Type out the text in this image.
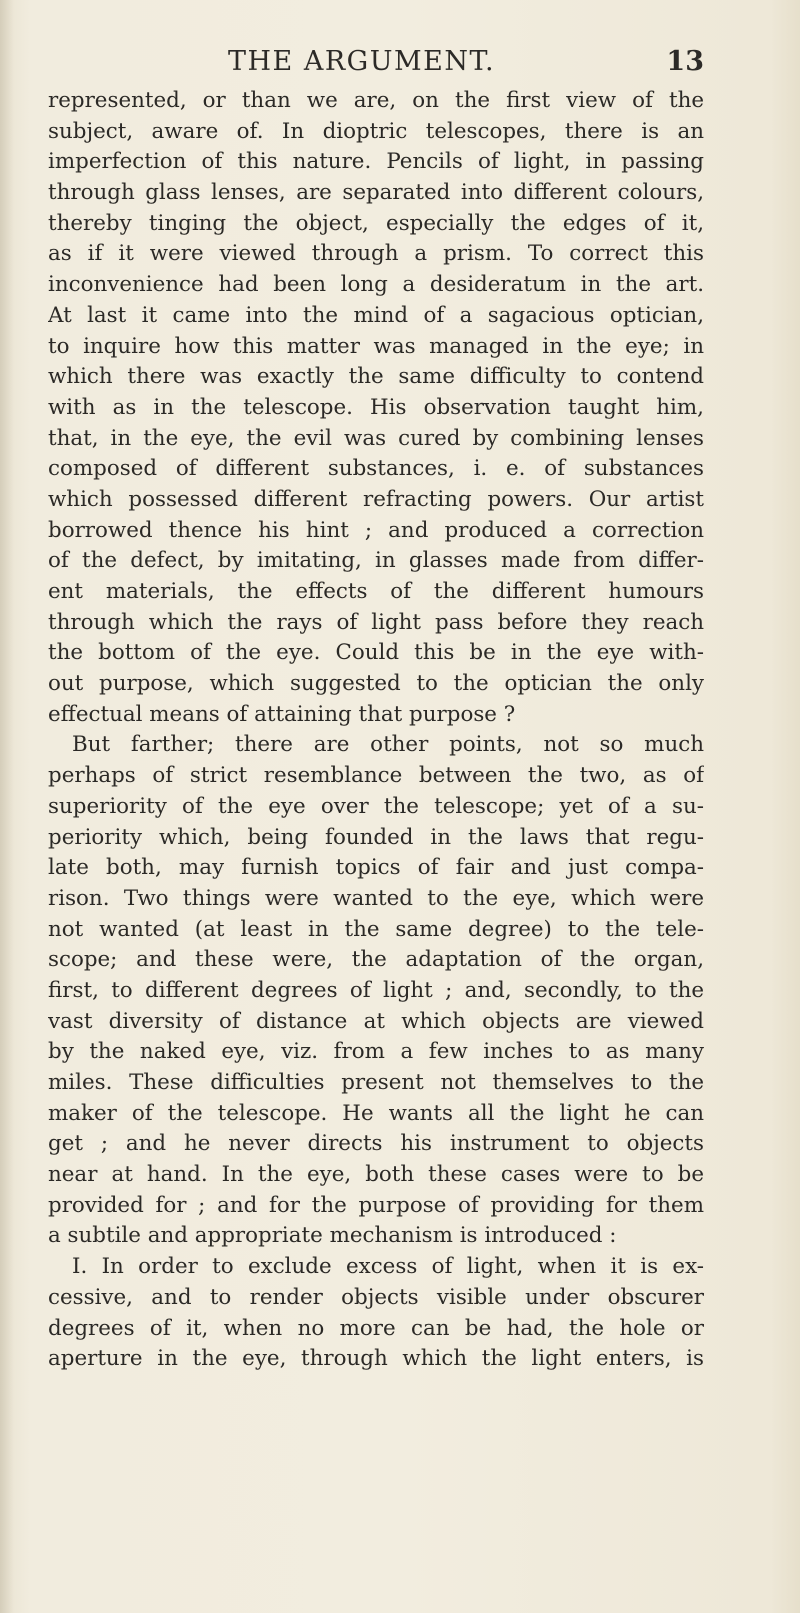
THE ARGUMENT.	13
represented, or than we are, on the first view of the
subject, aware of. In dioptric telescopes, there is an
imperfection of this nature. Pencils of light, in passing
through glass lenses, are separated into different colours,
thereby tinging the object, especially the edges of it,
as if it were viewed through a prism. To correct this
inconvenience had been long a desideratum in the art.
At last it came into the mind of a sagacious optician,
to inquire how this matter was managed in the eye; in
which there was exactly the same difficulty to contend
with as in the telescope. His observation taught him,
that, in the eye, the evil was cured by combining lenses
composed of different substances, i. e. of substances
which possessed different refracting powers. Our artist
borrowed thence his hint ; and produced a correction
of the defect, by imitating, in glasses made from differ-
ent materials, the effects of the different humours
through which the rays of light pass before they reach
the bottom of the eye. Could this be in the eye with-
out purpose, which suggested to the optician the only
effectual means of attaining that purpose ?
But farther; there are other points, not so much
perhaps of strict resemblance between the two, as of
superiority of the eye over the telescope; yet of a su-
periority which, being founded in the laws that regu-
late both, may furnish topics of fair and just compa-
rison. Two things were wanted to the eye, which were
not wanted (at least in the same degree) to the tele-
scope; and these were, the adaptation of the organ,
first, to different degrees of light ; and, secondly, to the
vast diversity of distance at which objects are viewed
by the naked eye, viz. from a few inches to as many
miles. These difficulties present not themselves to the
maker of the telescope. He wants all the light he can
get ; and he never directs his instrument to objects
near at hand. In the eye, both these cases were to be
provided for ; and for the purpose of providing for them
a subtile and appropriate mechanism is introduced :
I. In order to exclude excess of light, when it is ex-
cessive, and to render objects visible under obscurer
degrees of it, when no more can be had, the hole or
aperture in the eye, through which the light enters, is
